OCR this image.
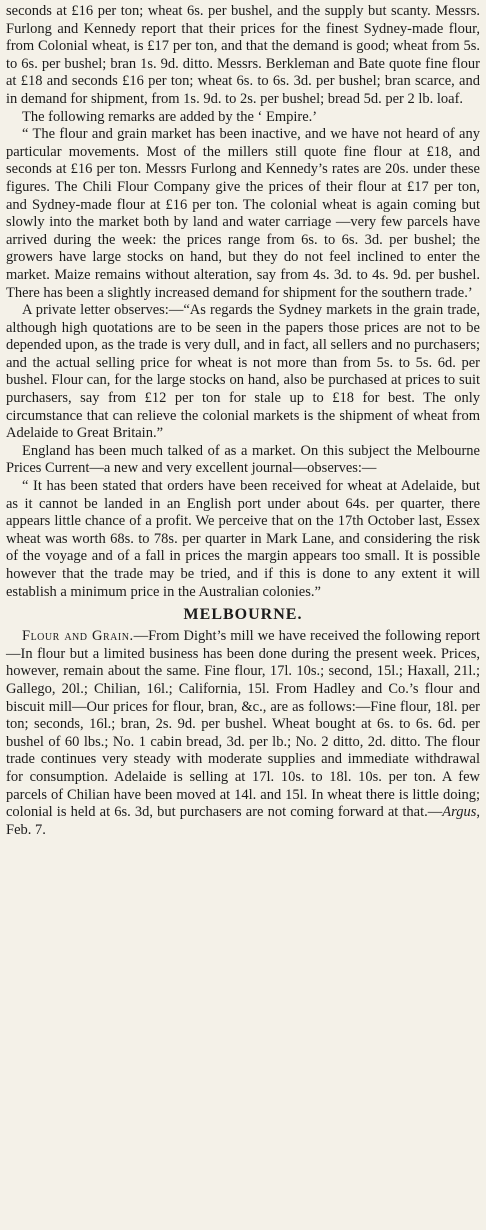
seconds at £16 per ton; wheat 6s. per bushel, and the supply but scanty. Messrs. Furlong and Kennedy report that their prices for the finest Sydney-made flour, from Colonial wheat, is £17 per ton, and that the demand is good; wheat from 5s. to 6s. per bushel; bran 1s. 9d. ditto. Messrs. Berkleman and Bate quote fine flour at £18 and seconds £16 per ton; wheat 6s. to 6s. 3d. per bushel; bran scarce, and in demand for shipment, from 1s. 9d. to 2s. per bushel; bread 5d. per 2 lb. loaf.

The following remarks are added by the ‘ Empire.’

“ The flour and grain market has been inactive, and we have not heard of any particular movements. Most of the millers still quote fine flour at £18, and seconds at £16 per ton. Messrs Furlong and Kennedy’s rates are 20s. under these figures. The Chili Flour Company give the prices of their flour at £17 per ton, and Sydney-made flour at £16 per ton. The colonial wheat is again coming but slowly into the market both by land and water carriage —very few parcels have arrived during the week: the prices range from 6s. to 6s. 3d. per bushel; the growers have large stocks on hand, but they do not feel inclined to enter the market. Maize remains without alteration, say from 4s. 3d. to 4s. 9d. per bushel. There has been a slightly increased demand for shipment for the southern trade.’

A private letter observes:—“As regards the Sydney markets in the grain trade, although high quotations are to be seen in the papers those prices are not to be depended upon, as the trade is very dull, and in fact, all sellers and no purchasers; and the actual selling price for wheat is not more than from 5s. to 5s. 6d. per bushel. Flour can, for the large stocks on hand, also be purchased at prices to suit purchasers, say from £12 per ton for stale up to £18 for best. The only circumstance that can relieve the colonial markets is the shipment of wheat from Adelaide to Great Britain.”

England has been much talked of as a market. On this subject the Melbourne Prices Current—a new and very excellent journal—observes:—

“ It has been stated that orders have been received for wheat at Adelaide, but as it cannot be landed in an English port under about 64s. per quarter, there appears little chance of a profit. We perceive that on the 17th October last, Essex wheat was worth 68s. to 78s. per quarter in Mark Lane, and considering the risk of the voyage and of a fall in prices the margin appears too small. It is possible however that the trade may be tried, and if this is done to any extent it will establish a minimum price in the Australian colonies.”

MELBOURNE.

Flour and Grain.—From Dight’s mill we have received the following report—In flour but a limited business has been done during the present week. Prices, however, remain about the same. Fine flour, 17l. 10s.; second, 15l.; Haxall, 21l.; Gallego, 20l.; Chilian, 16l.; California, 15l. From Hadley and Co.’s flour and biscuit mill—Our prices for flour, bran, &c., are as follows:—Fine flour, 18l. per ton; seconds, 16l.; bran, 2s. 9d. per bushel. Wheat bought at 6s. to 6s. 6d. per bushel of 60 lbs.; No. 1 cabin bread, 3d. per lb.; No. 2 ditto, 2d. ditto. The flour trade continues very steady with moderate supplies and immediate withdrawal for consumption. Adelaide is selling at 17l. 10s. to 18l. 10s. per ton. A few parcels of Chilian have been moved at 14l. and 15l. In wheat there is little doing; colonial is held at 6s. 3d, but purchasers are not coming forward at that.—Argus, Feb. 7.
